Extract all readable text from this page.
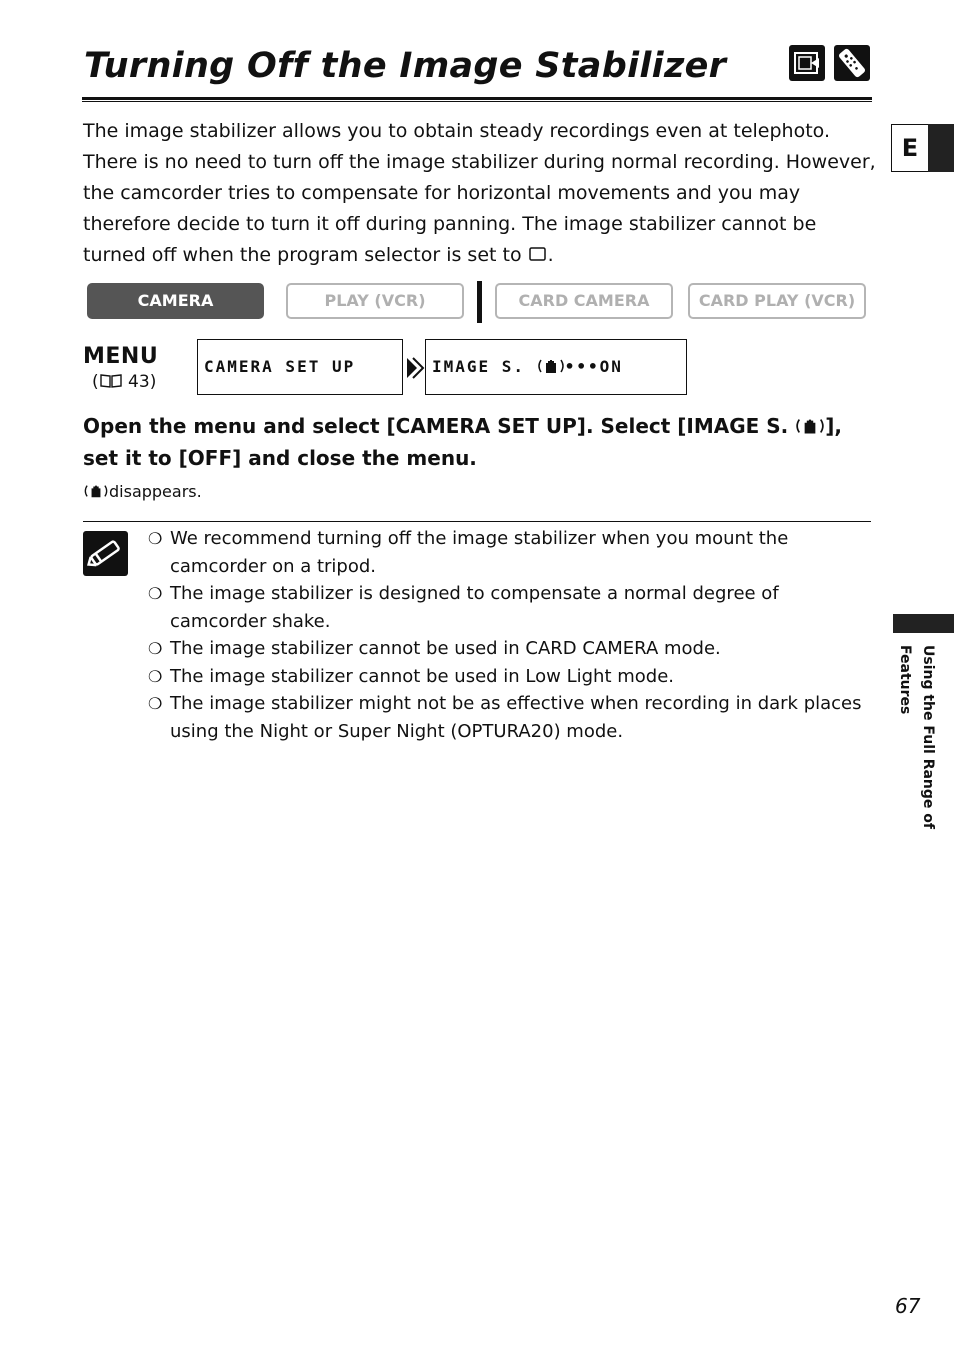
Turning Off the Image Stabilizer
E
The image stabilizer allows you to obtain steady recordings even at telephoto. There is no need to turn off the image stabilizer during normal recording. However, the camcorder tries to compensate for horizontal movements and you may therefore decide to turn it off during panning. The image stabilizer cannot be turned off when the program selector is set to .
CAMERA	PLAY (VCR)	CARD CAMERA	CARD PLAY (VCR)
MENU
( 43)
CAMERA SET UP	IMAGE S. •••ON
Open the menu and select [CAMERA SET UP]. Select [IMAGE S. ], set it to [OFF] and close the menu.
disappears.
❍ We recommend turning off the image stabilizer when you mount the camcorder on a tripod.
❍ The image stabilizer is designed to compensate a normal degree of camcorder shake.
❍ The image stabilizer cannot be used in CARD CAMERA mode.
❍ The image stabilizer cannot be used in Low Light mode.
❍ The image stabilizer might not be as effective when recording in dark places using the Night or Super Night (OPTURA20) mode.	Using the Full Range of Features
67
